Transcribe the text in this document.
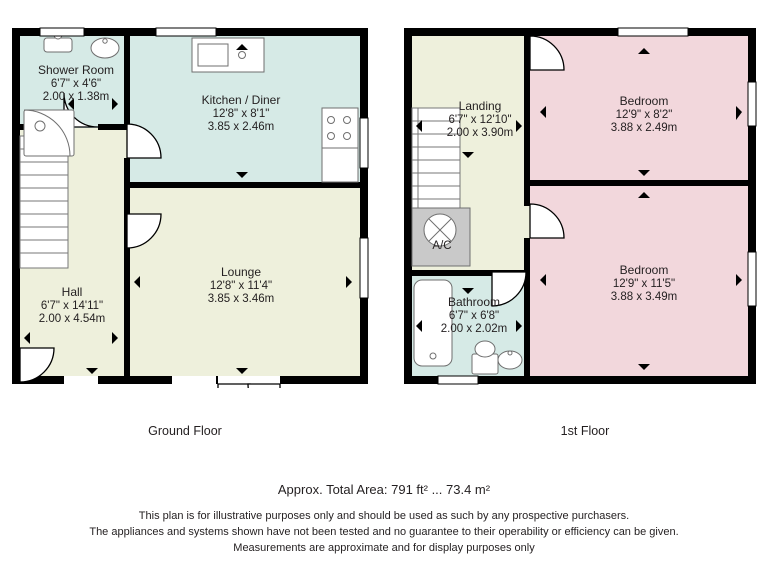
Shower Room
6'7" x 4'6"
2.00 x 1.38m	Kitchen / Diner
12'8" x 8'1"
3.85 x 2.46m
Lounge
12'8" x 11'4"
3.85 x 3.46m
Hall
6'7" x 14'11"
2.00 x 4.54m
Landing
6'7" x 12'10"
2.00 x 3.90m
Bedroom
12'9" x 8'2"
3.88 x 2.49m
Bedroom
12'9" x 11'5"
3.88 x 3.49m
Bathroom
6'7" x 6'8"
2.00 x 2.02m
A/C
Ground Floor	1st Floor
Approx. Total Area: 791 ft² ... 73.4 m²
This plan is for illustrative purposes only and should be used as such by any prospective purchasers.
The appliances and systems shown have not been tested and no guarantee to their operability or efficiency can be given.
Measurements are approximate and for display purposes only
